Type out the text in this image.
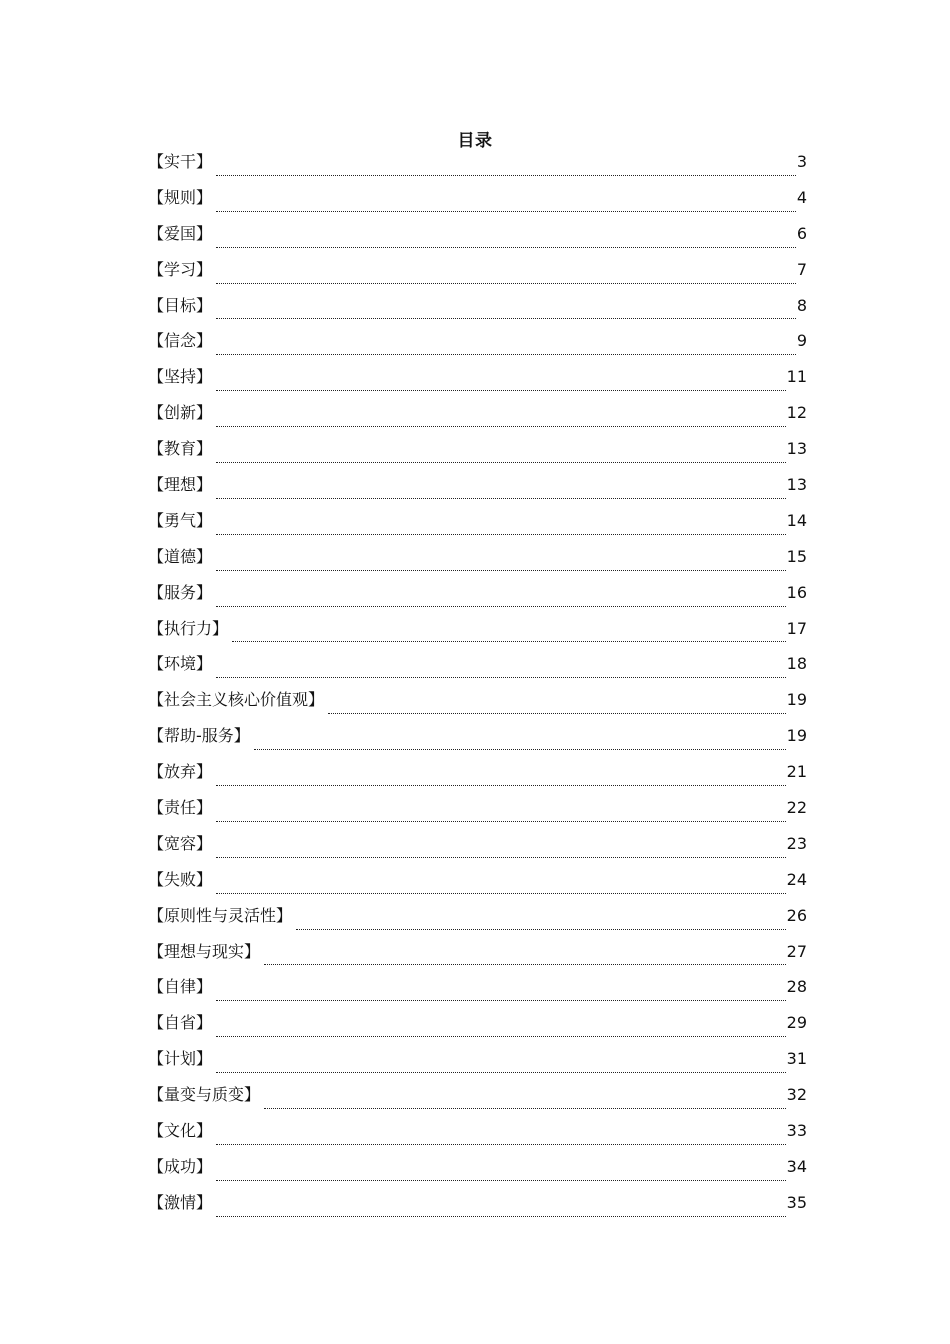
目录
【实干】	3
【规则】	4
【爱国】	6
【学习】	7
【目标】	8
【信念】	9
【坚持】	11
【创新】	12
【教育】	13
【理想】	13
【勇气】	14
【道德】	15
【服务】	16
【执行力】	17
【环境】	18
【社会主义核心价值观】	19
【帮助-服务】	19
【放弃】	21
【责任】	22
【宽容】	23
【失败】	24
【原则性与灵活性】	26
【理想与现实】	27
【自律】	28
【自省】	29
【计划】	31
【量变与质变】	32
【文化】	33
【成功】	34
【激情】	35
